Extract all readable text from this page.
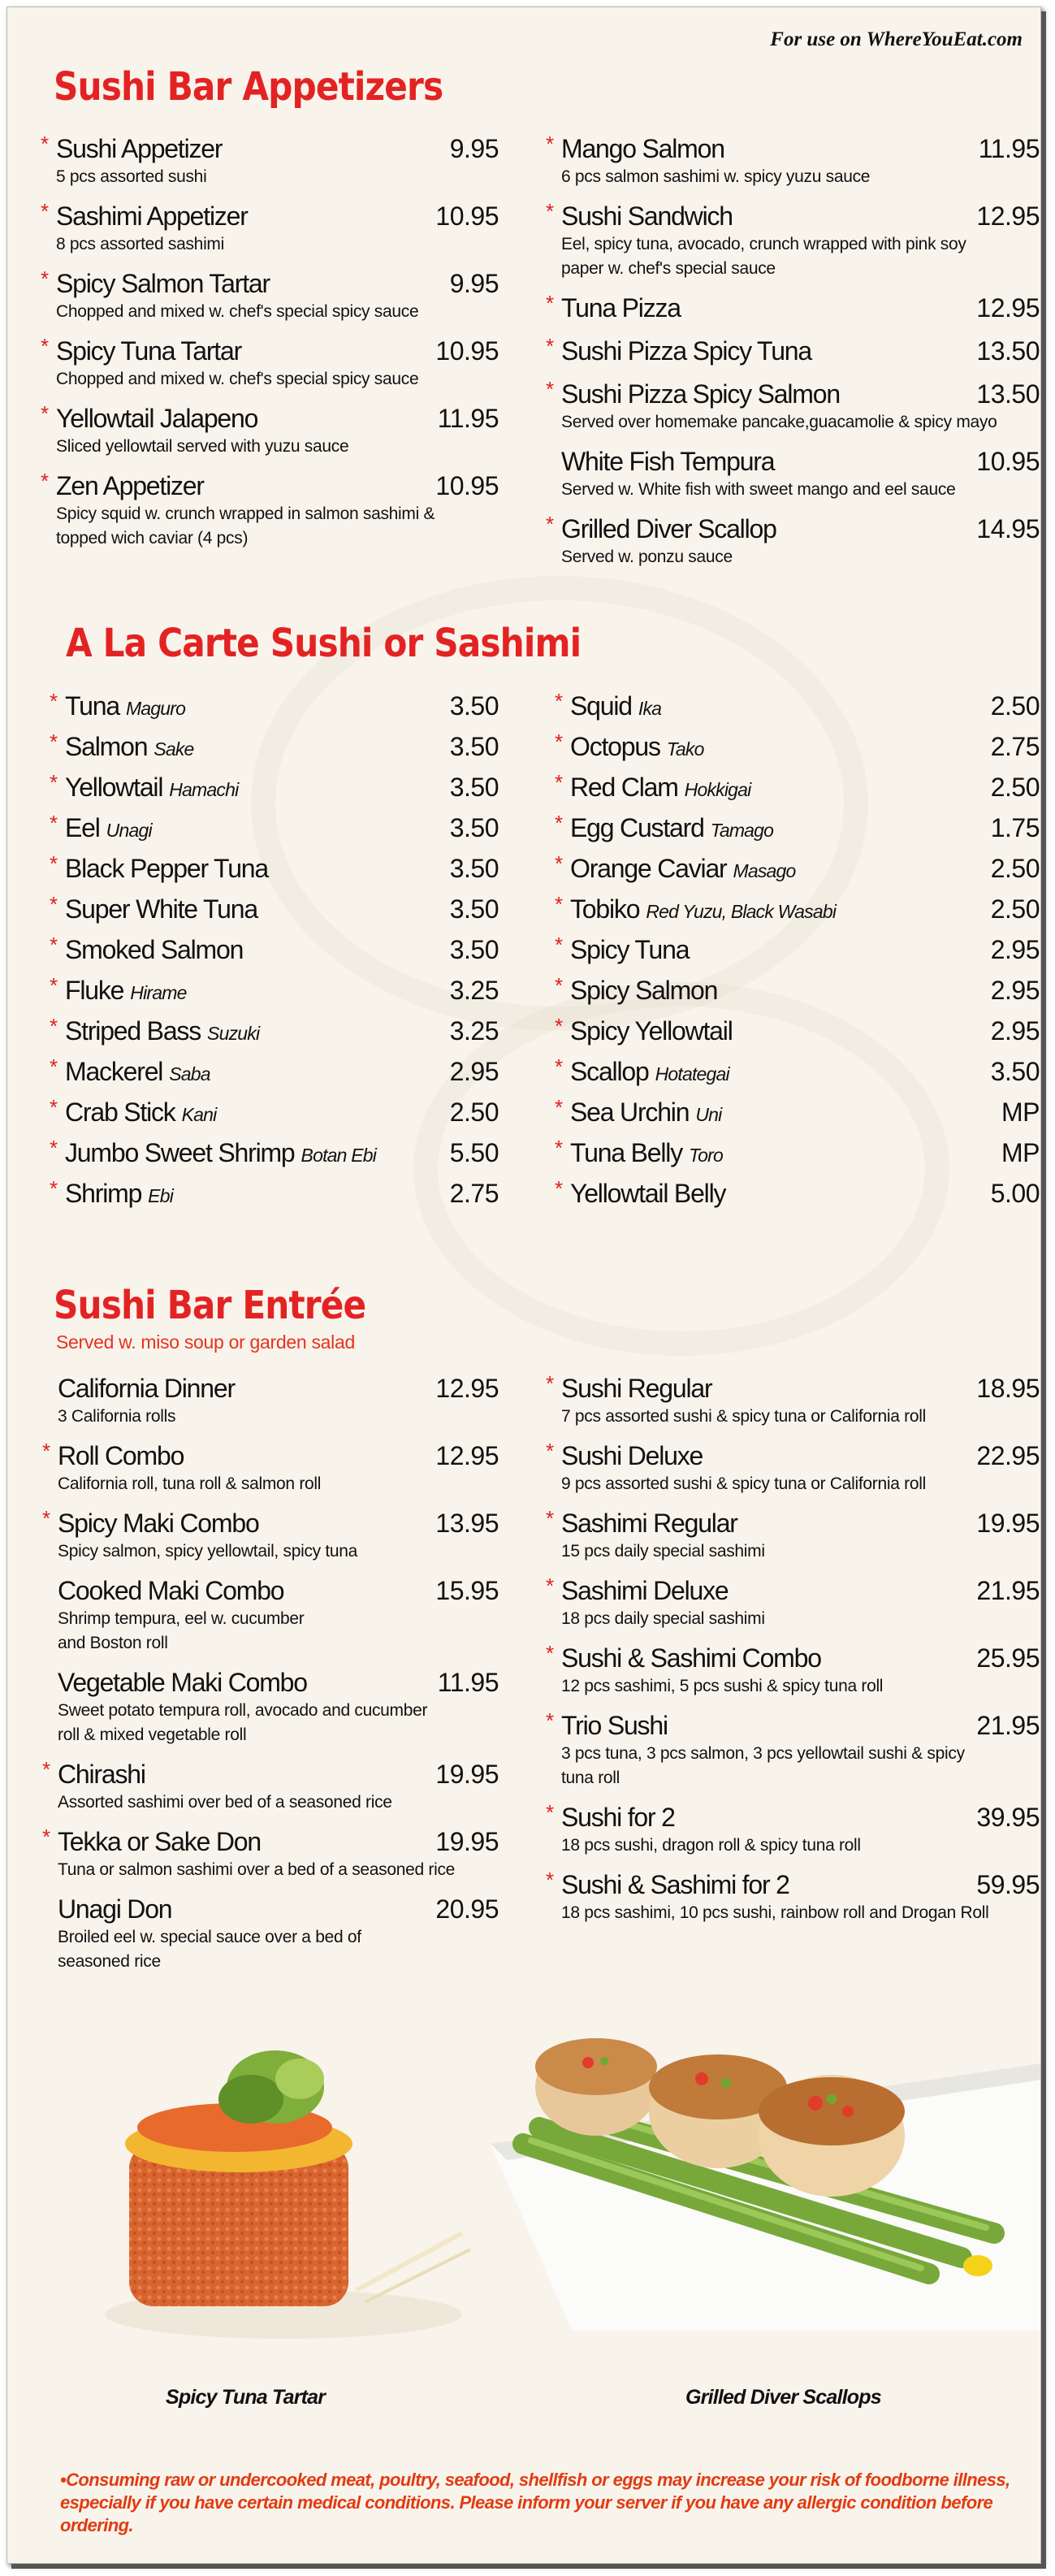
For use on WhereYouEat.com
Sushi Bar Appetizers
* Sushi Appetizer	9.95
5 pcs assorted sushi
* Sashimi Appetizer	10.95
8 pcs assorted sashimi
* Spicy Salmon Tartar	9.95
Chopped and mixed w. chef's special spicy sauce
* Spicy Tuna Tartar	10.95
Chopped and mixed w. chef's special spicy sauce
* Yellowtail Jalapeno	11.95
Sliced yellowtail served with yuzu sauce
* Zen Appetizer	10.95
Spicy squid w. crunch wrapped in salmon sashimi &
topped wich caviar (4 pcs)
* Mango Salmon	11.95
6 pcs salmon sashimi w. spicy yuzu sauce
* Sushi Sandwich	12.95
Eel, spicy tuna, avocado, crunch wrapped with pink soy
paper w. chef's special sauce
* Tuna Pizza	12.95
* Sushi Pizza Spicy Tuna	13.50
* Sushi Pizza Spicy Salmon	13.50
Served over homemake pancake,guacamolie & spicy mayo
White Fish Tempura	10.95
Served w. White fish with sweet mango and eel sauce
* Grilled Diver Scallop	14.95
Served w. ponzu sauce
A La Carte Sushi or Sashimi
* Tuna Maguro	3.50
* Salmon Sake	3.50
* Yellowtail Hamachi	3.50
* Eel Unagi	3.50
* Black Pepper Tuna	3.50
* Super White Tuna	3.50
* Smoked Salmon	3.50
* Fluke Hirame	3.25
* Striped Bass Suzuki	3.25
* Mackerel Saba	2.95
* Crab Stick Kani	2.50
* Jumbo Sweet Shrimp Botan Ebi	5.50
* Shrimp Ebi	2.75
* Squid Ika	2.50
* Octopus Tako	2.75
* Red Clam Hokkigai	2.50
* Egg Custard Tamago	1.75
* Orange Caviar Masago	2.50
* Tobiko Red Yuzu, Black Wasabi	2.50
* Spicy Tuna	2.95
* Spicy Salmon	2.95
* Spicy Yellowtail	2.95
* Scallop Hotategai	3.50
* Sea Urchin Uni	MP
* Tuna Belly Toro	MP
* Yellowtail Belly	5.00
Sushi Bar Entrée
Served w. miso soup or garden salad
California Dinner	12.95
3 California rolls
* Roll Combo	12.95
California roll, tuna roll & salmon roll
* Spicy Maki Combo	13.95
Spicy salmon, spicy yellowtail, spicy tuna
Cooked Maki Combo	15.95
Shrimp tempura, eel w. cucumber
and Boston roll
Vegetable Maki Combo	11.95
Sweet potato tempura roll, avocado and cucumber
roll & mixed vegetable roll
* Chirashi	19.95
Assorted sashimi over bed of a seasoned rice
* Tekka or Sake Don	19.95
Tuna or salmon sashimi over a bed of a seasoned rice
Unagi Don	20.95
Broiled eel w. special sauce over a bed of
seasoned rice
* Sushi Regular	18.95
7 pcs assorted sushi & spicy tuna or California roll
* Sushi Deluxe	22.95
9 pcs assorted sushi & spicy tuna or California roll
* Sashimi Regular	19.95
15 pcs daily special sashimi
* Sashimi Deluxe	21.95
18 pcs daily special sashimi
* Sushi & Sashimi Combo	25.95
12 pcs sashimi, 5 pcs sushi & spicy tuna roll
* Trio Sushi	21.95
3 pcs tuna, 3 pcs salmon, 3 pcs yellowtail sushi & spicy
tuna roll
* Sushi for 2	39.95
18 pcs sushi, dragon roll & spicy tuna roll
* Sushi & Sashimi for 2	59.95
18 pcs sashimi, 10 pcs sushi, rainbow roll and Drogan Roll
Spicy Tuna Tartar	Grilled Diver Scallops
•Consuming raw or undercooked meat, poultry, seafood, shellfish or eggs may increase your risk of foodborne illness, especially if you have certain medical conditions. Please inform your server if you have any allergic condition before ordering.
